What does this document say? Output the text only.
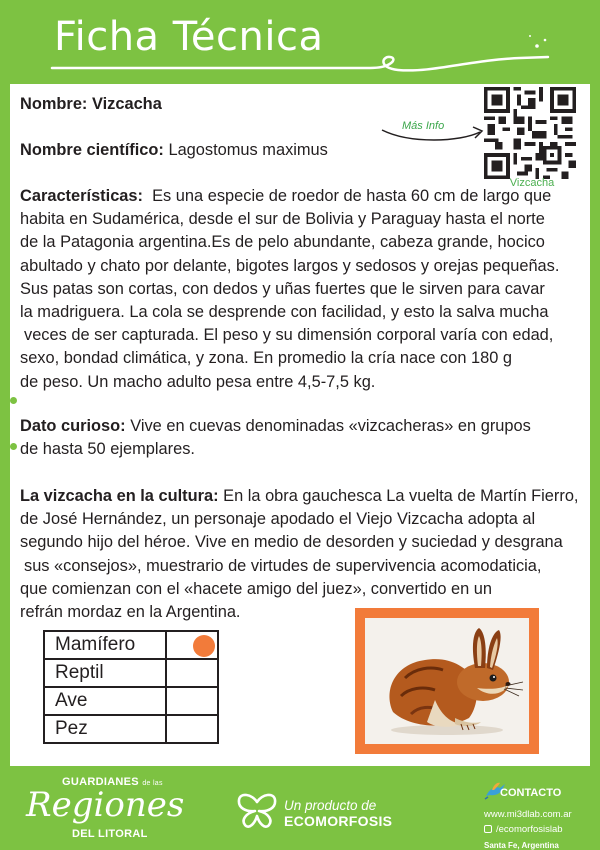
Ficha Técnica

Nombre: Vizcacha

Nombre científico: Lagostomus maximus

Más Info

Vizcacha

Características: Es una especie de roedor de hasta 60 cm de largo que
habita en Sudamérica, desde el sur de Bolivia y Paraguay hasta el norte
de la Patagonia argentina.Es de pelo abundante, cabeza grande, hocico
abultado y chato por delante, bigotes largos y sedosos y orejas pequeñas.
Sus patas son cortas, con dedos y uñas fuertes que le sirven para cavar
la madriguera. La cola se desprende con facilidad, y esto la salva mucha
veces de ser capturada. El peso y su dimensión corporal varía con edad,
sexo, bondad climática, y zona. En promedio la cría nace con 180 g
de peso. Un macho adulto pesa entre 4,5-7,5 kg.
Dato curioso: Vive en cuevas denominadas «vizcacheras» en grupos
de hasta 50 ejemplares.
La vizcacha en la cultura: En la obra gauchesca La vuelta de Martín Fierro,
de José Hernández, un personaje apodado el Viejo Vizcacha adopta al
segundo hijo del héroe. Vive en medio de desorden y suciedad y desgrana
sus «consejos», muestrario de virtudes de supervivencia acomodaticia,
que comienzan con el «hacete amigo del juez», convertido en un
refrán mordaz en la Argentina.
Mamífero	

Reptil	
Ave	
Pez	

GUARDIANES de las

Regiones

DEL LITORAL

Un producto de
ECOMORFOSIS

CONTACTO

www.mi3dlab.com.ar

/ecomorfosislab

Santa Fe, Argentina
